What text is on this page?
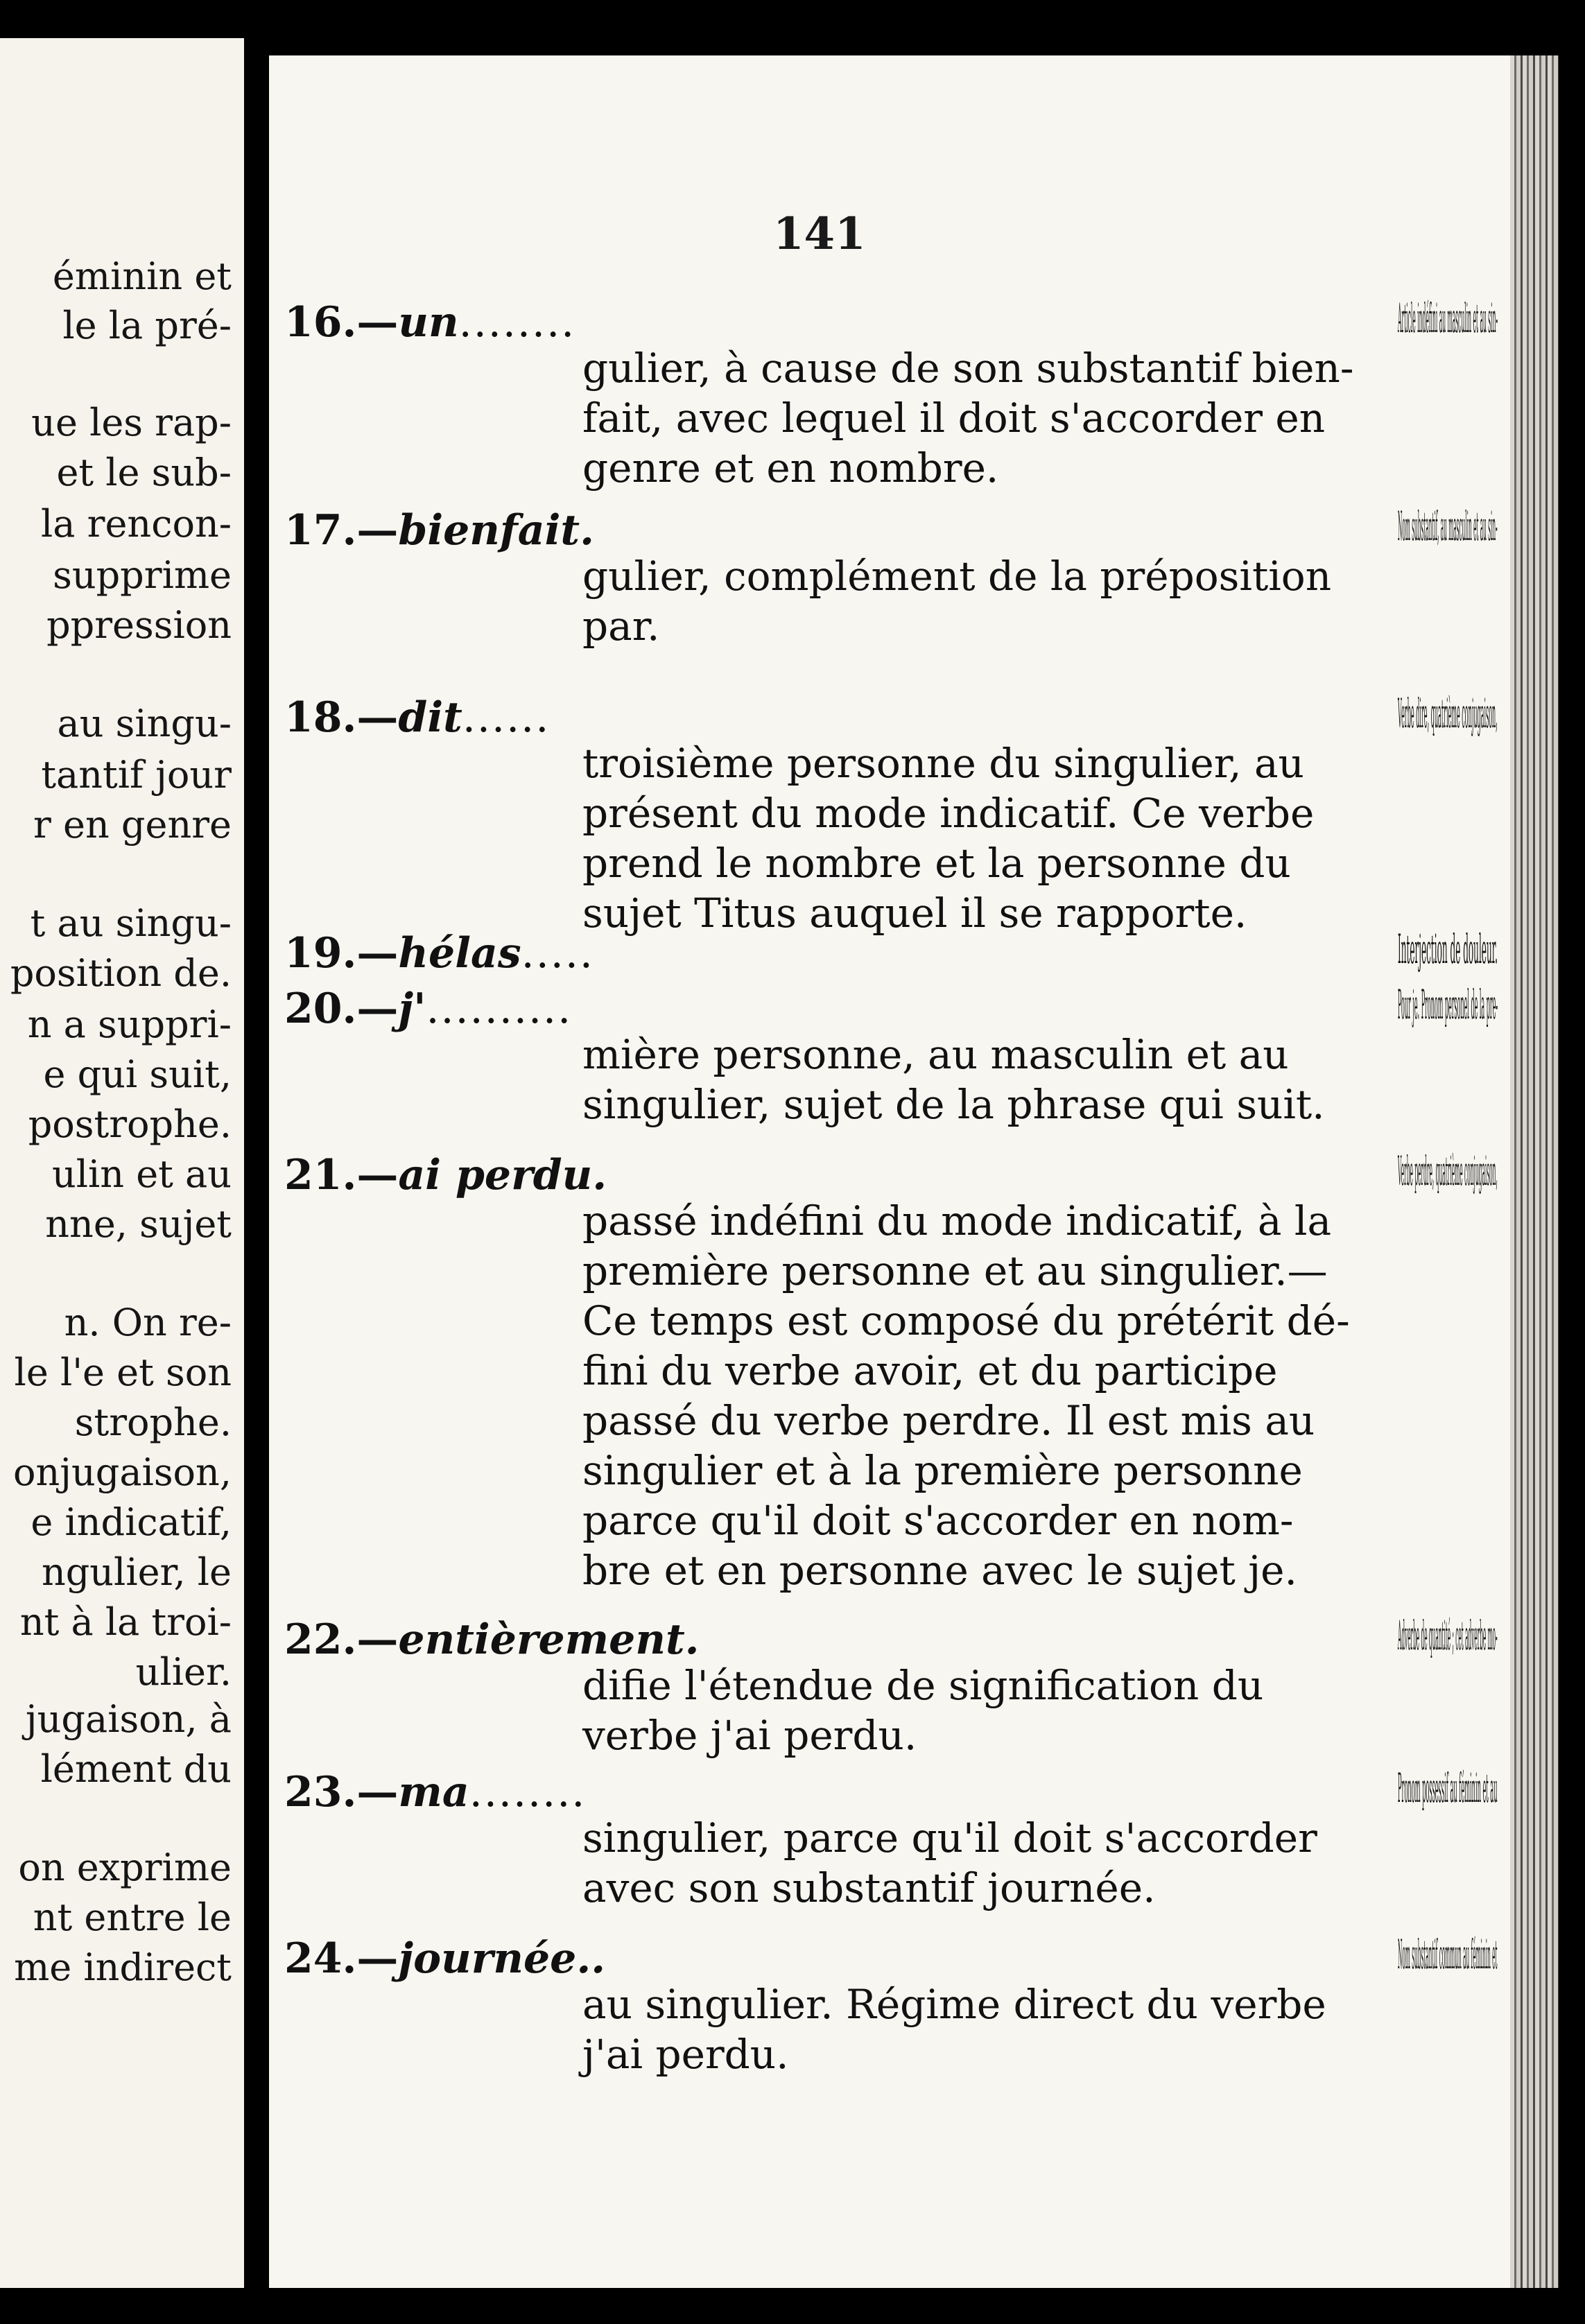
éminin et
le la pré-
ue les rap-
et le sub-
la rencon-
supprime
ppression
au singu-
tantif jour
r en genre
t au singu-
position de.
n a suppri-
e qui suit,
postrophe.
ulin et au
nne, sujet
n. On re-
le l'e et son
strophe.
onjugaison,
e indicatif,
ngulier, le
nt à la troi-
ulier.
jugaison, à
lément du
on exprime
nt entre le
me indirect
141
16.—un........
17.—bienfait.
18.—dit......
19.—hélas.....
20.—j'..........
21.—ai perdu.
22.—entièrement.
23.—ma........
24.—journée..
Article indéfini au masculin et au sin-
gulier, à cause de son substantif bien-
fait, avec lequel il doit s'accorder en
genre et en nombre.
Nom substantif, au masculin et au sin-
gulier, complément de la préposition
par.
Verbe dire, quatrième conjugaison,
troisième personne du singulier, au
présent du mode indicatif. Ce verbe
prend le nombre et la personne du
sujet Titus auquel il se rapporte.
Interjection de douleur.
Pour je. Pronom personel de la pre-
mière personne, au masculin et au
singulier, sujet de la phrase qui suit.
Verbe perdre, quatrième conjugaison,
passé indéfini du mode indicatif, à la
première personne et au singulier.—
Ce temps est composé du prétérit dé-
fini du verbe avoir, et du participe
passé du verbe perdre. Il est mis au
singulier et à la première personne
parce qu'il doit s'accorder en nom-
bre et en personne avec le sujet je.
Adverbe de quantité ; cet adverbe mo-
difie l'étendue de signification du
verbe j'ai perdu.
Pronom possessif au féminin et au
singulier, parce qu'il doit s'accorder
avec son substantif journée.
Nom substantif commun au féminin et
au singulier. Régime direct du verbe
j'ai perdu.
